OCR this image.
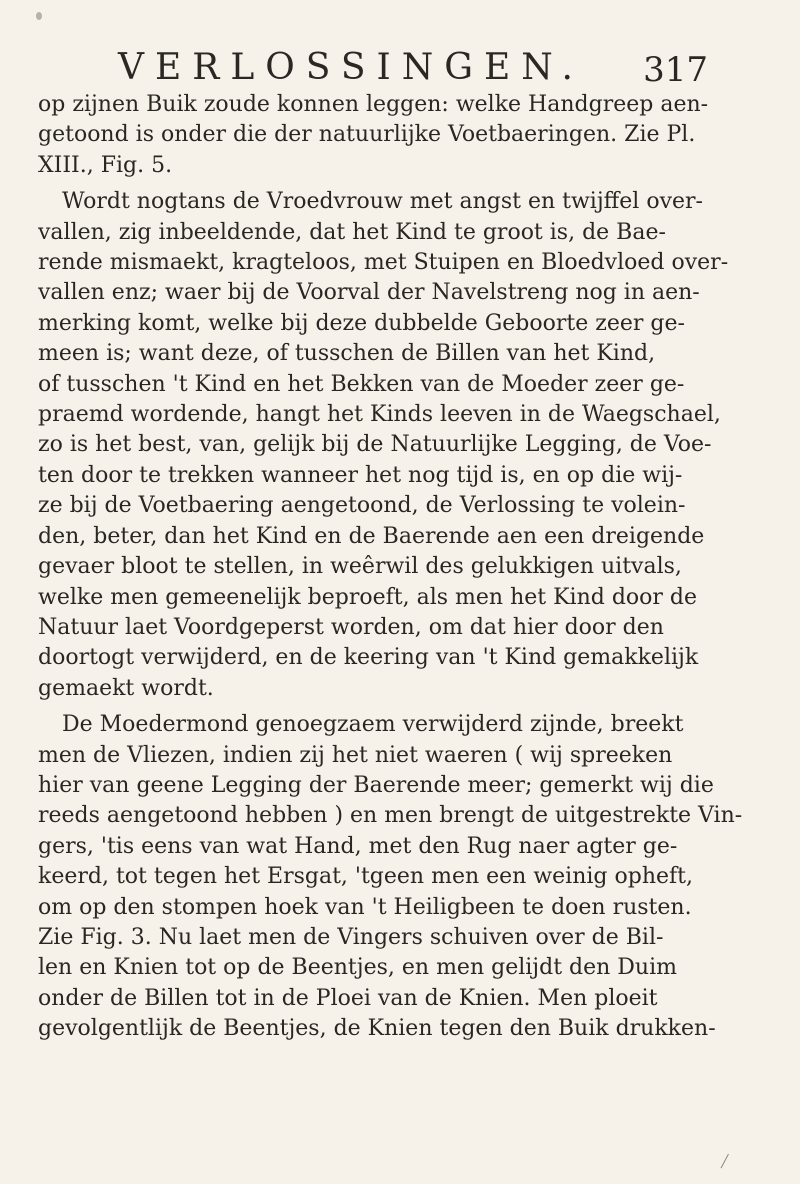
VERLOSSINGEN. 317

op zijnen Buik zoude konnen leggen: welke Handgreep aen-
getoond is onder die der natuurlijke Voetbaeringen. Zie Pl.
XIII., Fig. 5.

Wordt nogtans de Vroedvrouw met angst en twijffel over-
vallen, zig inbeeldende, dat het Kind te groot is, de Bae-
rende mismaekt, kragteloos, met Stuipen en Bloedvloed over-
vallen enz; waer bij de Voorval der Navelstreng nog in aen-
merking komt, welke bij deze dubbelde Geboorte zeer ge-
meen is; want deze, of tusschen de Billen van het Kind,
of tusschen 't Kind en het Bekken van de Moeder zeer ge-
praemd wordende, hangt het Kinds leeven in de Waegschael,
zo is het best, van, gelijk bij de Natuurlijke Legging, de Voe-
ten door te trekken wanneer het nog tijd is, en op die wij-
ze bij de Voetbaering aengetoond, de Verlossing te volein-
den, beter, dan het Kind en de Baerende aen een dreigende
gevaer bloot te stellen, in weêrwil des gelukkigen uitvals,
welke men gemeenelijk beproeft, als men het Kind door de
Natuur laet Voordgeperst worden, om dat hier door den
doortogt verwijderd, en de keering van 't Kind gemakkelijk
gemaekt wordt.

De Moedermond genoegzaem verwijderd zijnde, breekt
men de Vliezen, indien zij het niet waeren ( wij spreeken
hier van geene Legging der Baerende meer; gemerkt wij die
reeds aengetoond hebben ) en men brengt de uitgestrekte Vin-
gers, 'tis eens van wat Hand, met den Rug naer agter ge-
keerd, tot tegen het Ersgat, 'tgeen men een weinig opheft,
om op den stompen hoek van 't Heiligbeen te doen rusten.
Zie Fig. 3. Nu laet men de Vingers schuiven over de Bil-
len en Knien tot op de Beentjes, en men gelijdt den Duim
onder de Billen tot in de Ploei van de Knien. Men ploeit
gevolgentlijk de Beentjes, de Knien tegen den Buik drukken-
